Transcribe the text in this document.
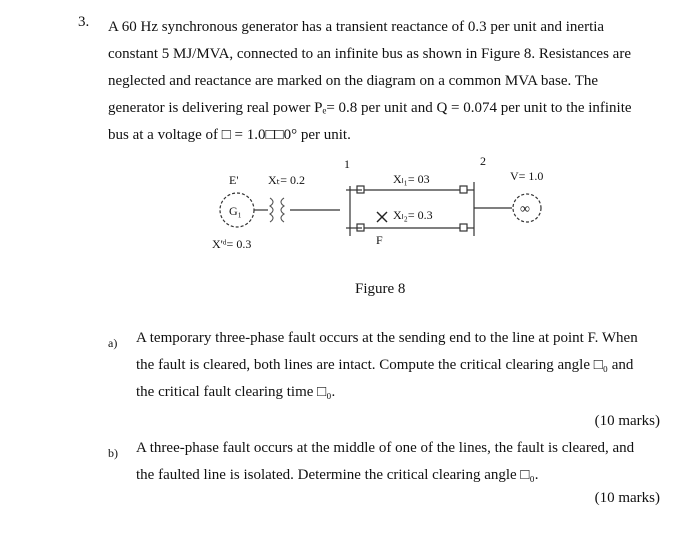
3. A 60 Hz synchronous generator has a transient reactance of 0.3 per unit and inertia
constant 5 MJ/MVA, connected to an infinite bus as shown in Figure 8. Resistances are
neglected and reactance are marked on the diagram on a common MVA base. The
generator is delivering real power Pₑ= 0.8 per unit and Q = 0.074 per unit to the infinite
bus at a voltage of □ = 1.0□□0° per unit.
1	2
E' Xₜ= 0.2	Xₗ₁= 03	V= 1.0
Xₗ₂= 0.3
X'ᵈ= 0.3	F
G₁	∞
Figure 8
a) A temporary three-phase fault occurs at the sending end to the line at point F. When
the fault is cleared, both lines are intact. Compute the critical clearing angle □₀ and
the critical fault clearing time □₀.
(10 marks)
b) A three-phase fault occurs at the middle of one of the lines, the fault is cleared, and
the faulted line is isolated. Determine the critical clearing angle □₀.
(10 marks)
